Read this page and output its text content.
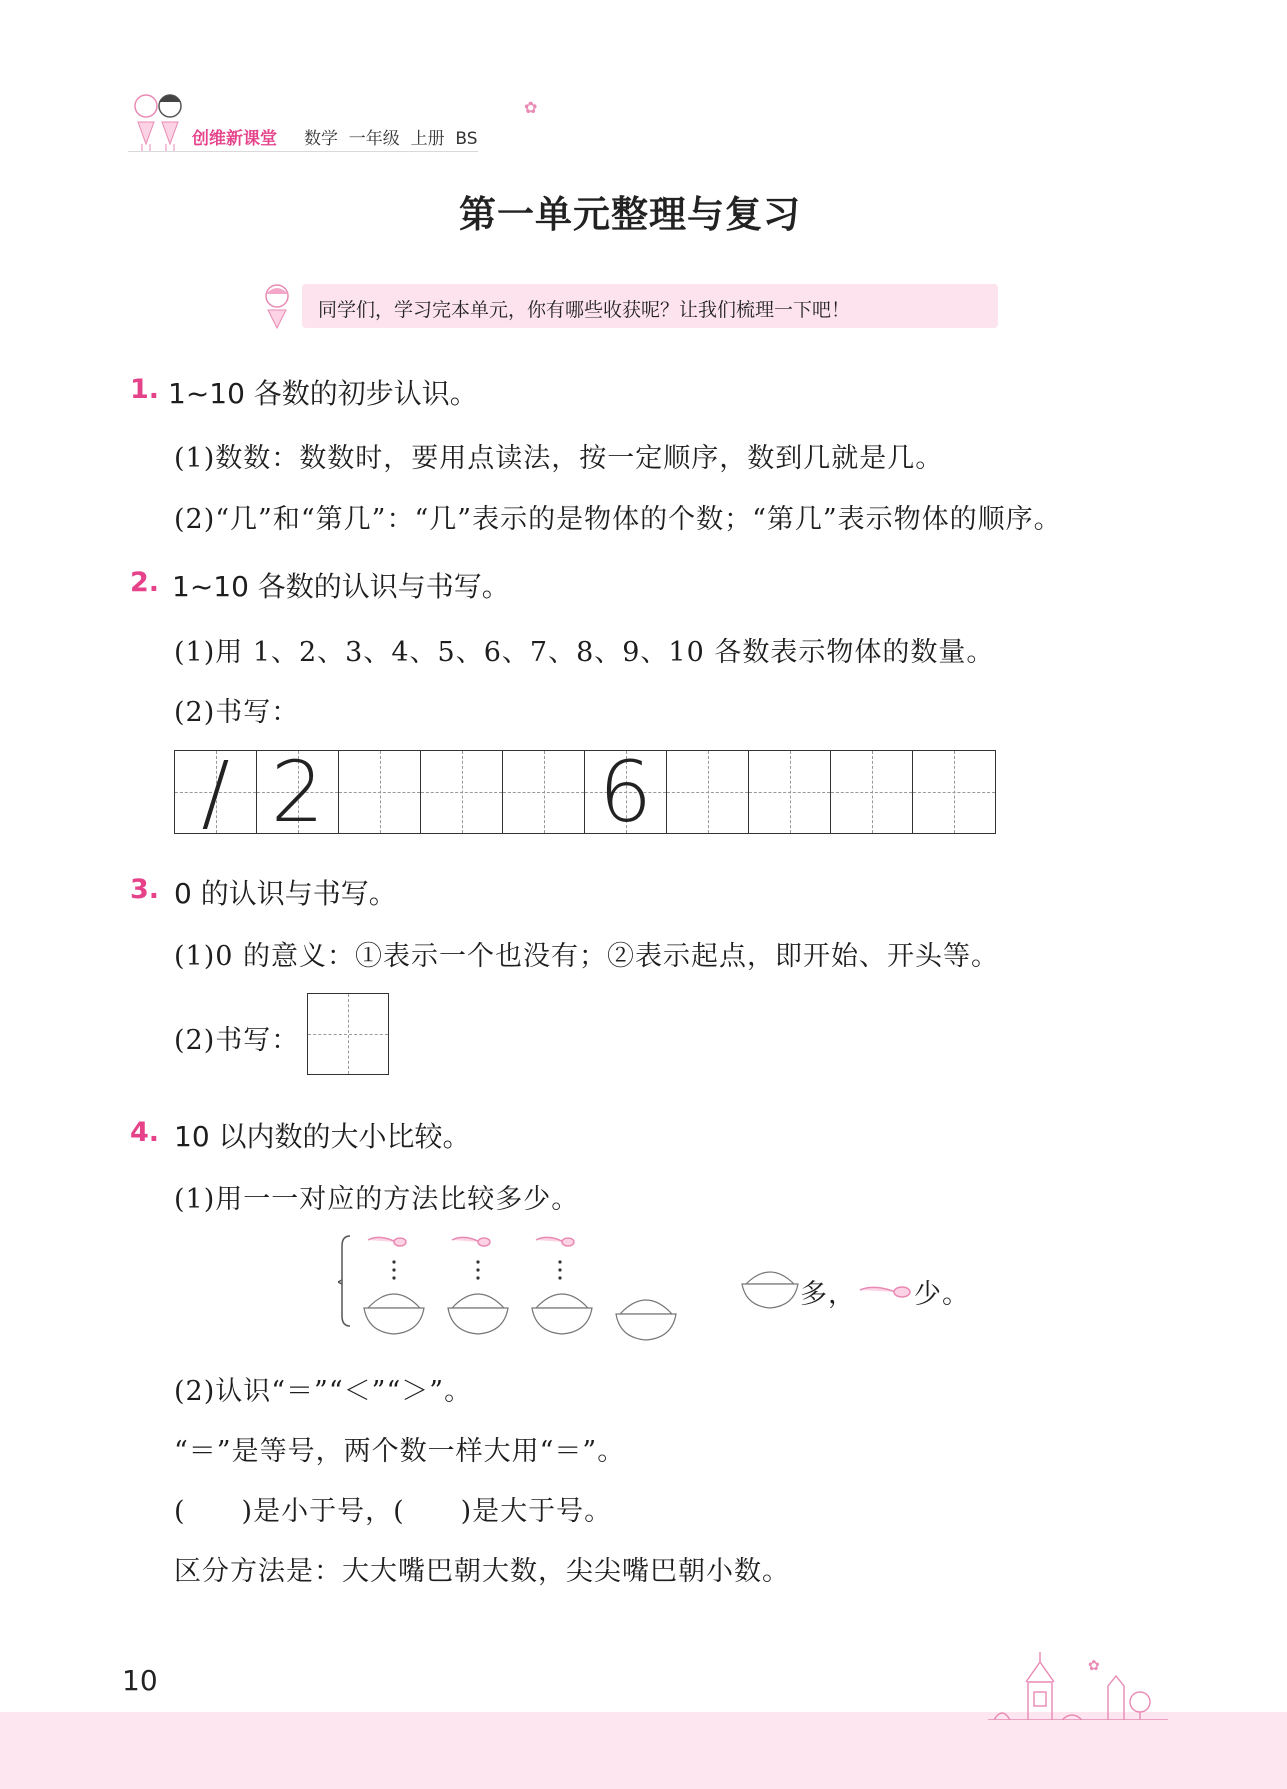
创维新课堂 数学  一年级  上册  BS
✿
第一单元整理与复习
同学们，学习完本单元，你有哪些收获呢？让我们梳理一下吧！
1. 1~10 各数的初步认识。
(1)数数：数数时，要用点读法，按一定顺序，数到几就是几。
(2)“几”和“第几”：“几”表示的是物体的个数；“第几”表示物体的顺序。
2. 1~10 各数的认识与书写。
(1)用 1、2、3、4、5、6、7、8、9、10 各数表示物体的数量。
(2)书写：
/ 2	6
3. 0 的认识与书写。
(1)0 的意义：①表示一个也没有；②表示起点，即开始、开头等。
(2)书写：
4. 10 以内数的大小比较。
(1)用一一对应的方法比较多少。
多， 少。
(2)认识“＝”“＜”“＞”。
“＝”是等号，两个数一样大用“＝”。
(　　)是小于号，(　　)是大于号。
区分方法是：大大嘴巴朝大数，尖尖嘴巴朝小数。
10	✿
